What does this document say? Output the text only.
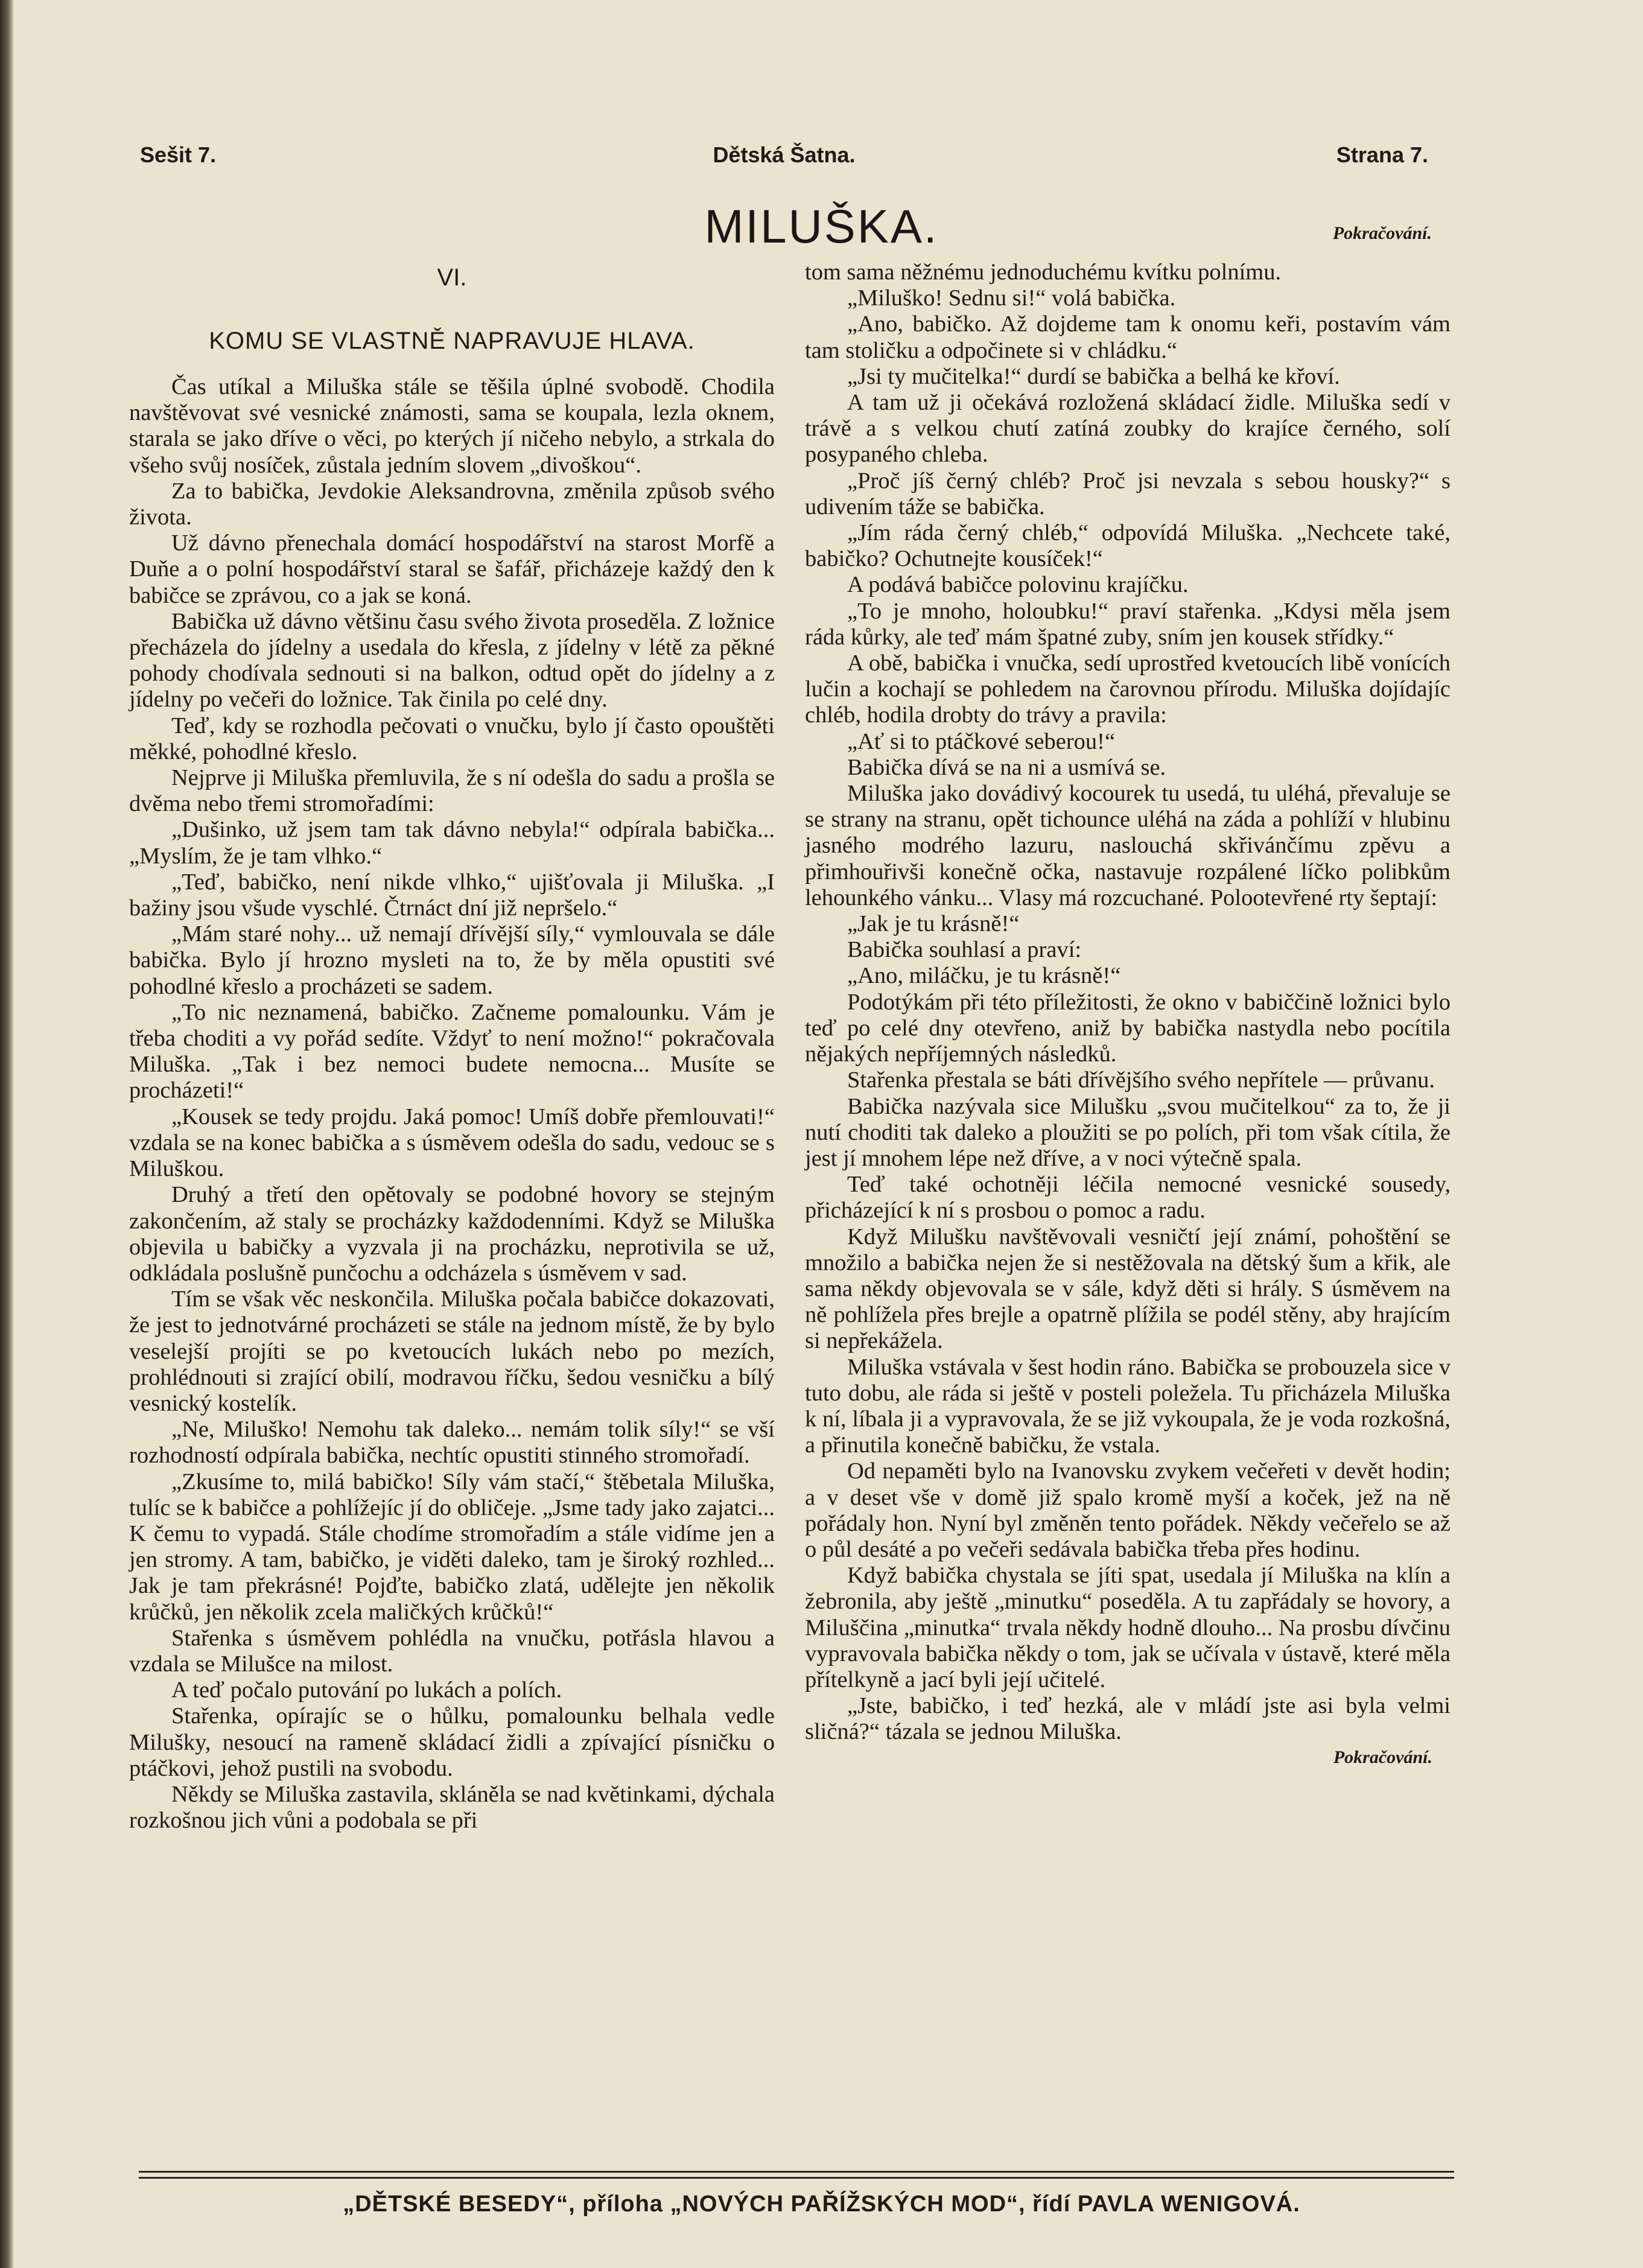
Sešit 7.	Dětská Šatna.	Strana 7.
MILUŠKA.	Pokračování.
VI.
KOMU SE VLASTNĚ NAPRAVUJE HLAVA.

Čas utíkal a Miluška stále se těšila úplné svobodě. Chodila navštěvovat své vesnické známosti, sama se koupala, lezla oknem, starala se jako dříve o věci, po kterých jí ničeho nebylo, a strkala do všeho svůj nosíček, zůstala jedním slovem „divoškou“.

Za to babička, Jevdokie Aleksandrovna, změnila způsob svého života.

Už dávno přenechala domácí hospodářství na starost Morfě a Duňe a o polní hospodářství staral se šafář, přicházeje každý den k babičce se zprávou, co a jak se koná.

Babička už dávno většinu času svého života proseděla. Z ložnice přecházela do jídelny a usedala do křesla, z jídelny v létě za pěkné pohody chodívala sednouti si na balkon, odtud opět do jídelny a z jídelny po večeři do ložnice. Tak činila po celé dny.

Teď, kdy se rozhodla pečovati o vnučku, bylo jí často opouštěti měkké, pohodlné křeslo.

Nejprve ji Miluška přemluvila, že s ní odešla do sadu a prošla se dvěma nebo třemi stromořadími:

„Dušinko, už jsem tam tak dávno nebyla!“ odpírala babička... „Myslím, že je tam vlhko.“

„Teď, babičko, není nikde vlhko,“ ujišťovala ji Miluška. „I bažiny jsou všude vyschlé. Čtrnáct dní již nepršelo.“

„Mám staré nohy... už nemají dřívější síly,“ vymlouvala se dále babička. Bylo jí hrozno mysleti na to, že by měla opustiti své pohodlné křeslo a procházeti se sadem.

„To nic neznamená, babičko. Začneme pomalounku. Vám je třeba choditi a vy pořád sedíte. Vždyť to není možno!“ pokračovala Miluška. „Tak i bez nemoci budete nemocna... Musíte se procházeti!“

„Kousek se tedy projdu. Jaká pomoc! Umíš dobře přemlouvati!“ vzdala se na konec babička a s úsměvem odešla do sadu, vedouc se s Miluškou.

Druhý a třetí den opětovaly se podobné hovory se stejným zakončením, až staly se procházky každodenními. Když se Miluška objevila u babičky a vyzvala ji na procházku, neprotivila se už, odkládala poslušně punčochu a odcházela s úsměvem v sad.

Tím se však věc neskončila. Miluška počala babičce dokazovati, že jest to jednotvárné procházeti se stále na jednom místě, že by bylo veselejší projíti se po kvetoucích lukách nebo po mezích, prohlédnouti si zrající obilí, modravou říčku, šedou vesničku a bílý vesnický kostelík.

„Ne, Miluško! Nemohu tak daleko... nemám tolik síly!“ se vší rozhodností odpírala babička, nechtíc opustiti stinného stromořadí.

„Zkusíme to, milá babičko! Síly vám stačí,“ štěbetala Miluška, tulíc se k babičce a pohlížejíc jí do obličeje. „Jsme tady jako zajatci... K čemu to vypadá. Stále chodíme stromořadím a stále vidíme jen a jen stromy. A tam, babičko, je viděti daleko, tam je široký rozhled... Jak je tam překrásné! Pojďte, babičko zlatá, udělejte jen několik krůčků, jen několik zcela maličkých krůčků!“

Stařenka s úsměvem pohlédla na vnučku, potřásla hlavou a vzdala se Milušce na milost.

A teď počalo putování po lukách a polích.

Stařenka, opírajíc se o hůlku, pomalounku belhala vedle Milušky, nesoucí na rameně skládací židli a zpívající písničku o ptáčkovi, jehož pustili na svobodu.

Někdy se Miluška zastavila, skláněla se nad květinkami, dýchala rozkošnou jich vůni a podobala se při

tom sama něžnému jednoduchému kvítku polnímu.

„Miluško! Sednu si!“ volá babička.

„Ano, babičko. Až dojdeme tam k onomu keři, postavím vám tam stoličku a odpočinete si v chládku.“

„Jsi ty mučitelka!“ durdí se babička a belhá ke křoví.

A tam už ji očekává rozložená skládací židle. Miluška sedí v trávě a s velkou chutí zatíná zoubky do krajíce černého, solí posypaného chleba.

„Proč jíš černý chléb? Proč jsi nevzala s sebou housky?“ s udivením táže se babička.

„Jím ráda černý chléb,“ odpovídá Miluška. „Nechcete také, babičko? Ochutnejte kousíček!“

A podává babičce polovinu krajíčku.

„To je mnoho, holoubku!“ praví stařenka. „Kdysi měla jsem ráda kůrky, ale teď mám špatné zuby, sním jen kousek střídky.“

A obě, babička i vnučka, sedí uprostřed kvetoucích libě vonících lučin a kochají se pohledem na čarovnou přírodu. Miluška dojídajíc chléb, hodila drobty do trávy a pravila:

„Ať si to ptáčkové seberou!“

Babička dívá se na ni a usmívá se.

Miluška jako dovádivý kocourek tu usedá, tu uléhá, převaluje se se strany na stranu, opět tichounce uléhá na záda a pohlíží v hlubinu jasného modrého lazuru, naslouchá skřivánčímu zpěvu a přimhouřivši konečně očka, nastavuje rozpálené líčko polibkům lehounkého vánku... Vlasy má rozcuchané. Polootevřené rty šeptají:

„Jak je tu krásně!“

Babička souhlasí a praví:

„Ano, miláčku, je tu krásně!“

Podotýkám při této příležitosti, že okno v babiččině ložnici bylo teď po celé dny otevřeno, aniž by babička nastydla nebo pocítila nějakých nepříjemných následků.

Stařenka přestala se báti dřívějšího svého nepřítele — průvanu.

Babička nazývala sice Milušku „svou mučitelkou“ za to, že ji nutí choditi tak daleko a ploužiti se po polích, při tom však cítila, že jest jí mnohem lépe než dříve, a v noci výtečně spala.

Teď také ochotněji léčila nemocné vesnické sousedy, přicházející k ní s prosbou o pomoc a radu.

Když Milušku navštěvovali vesničtí její známí, pohoštění se množilo a babička nejen že si nestěžovala na dětský šum a křik, ale sama někdy objevovala se v sále, když děti si hrály. S úsměvem na ně pohlížela přes brejle a opatrně plížila se podél stěny, aby hrajícím si nepřekážela.

Miluška vstávala v šest hodin ráno. Babička se probouzela sice v tuto dobu, ale ráda si ještě v posteli poležela. Tu přicházela Miluška k ní, líbala ji a vypravovala, že se již vykoupala, že je voda rozkošná, a přinutila konečně babičku, že vstala.

Od nepaměti bylo na Ivanovsku zvykem večeřeti v devět hodin; a v deset vše v domě již spalo kromě myší a koček, jež na ně pořádaly hon. Nyní byl změněn tento pořádek. Někdy večeřelo se až o půl desáté a po večeři sedávala babička třeba přes hodinu.

Když babička chystala se jíti spat, usedala jí Miluška na klín a žebronila, aby ještě „minutku“ poseděla. A tu zapřádaly se hovory, a Miluščina „minutka“ trvala někdy hodně dlouho... Na prosbu dívčinu vypravovala babička někdy o tom, jak se učívala v ústavě, které měla přítelkyně a jací byli její učitelé.

„Jste, babičko, i teď hezká, ale v mládí jste asi byla velmi sličná?“ tázala se jednou Miluška.

Pokračování.
„DĚTSKÉ BESEDY“, příloha „NOVÝCH PAŘÍŽSKÝCH MOD“, řídí PAVLA WENIGOVÁ.
